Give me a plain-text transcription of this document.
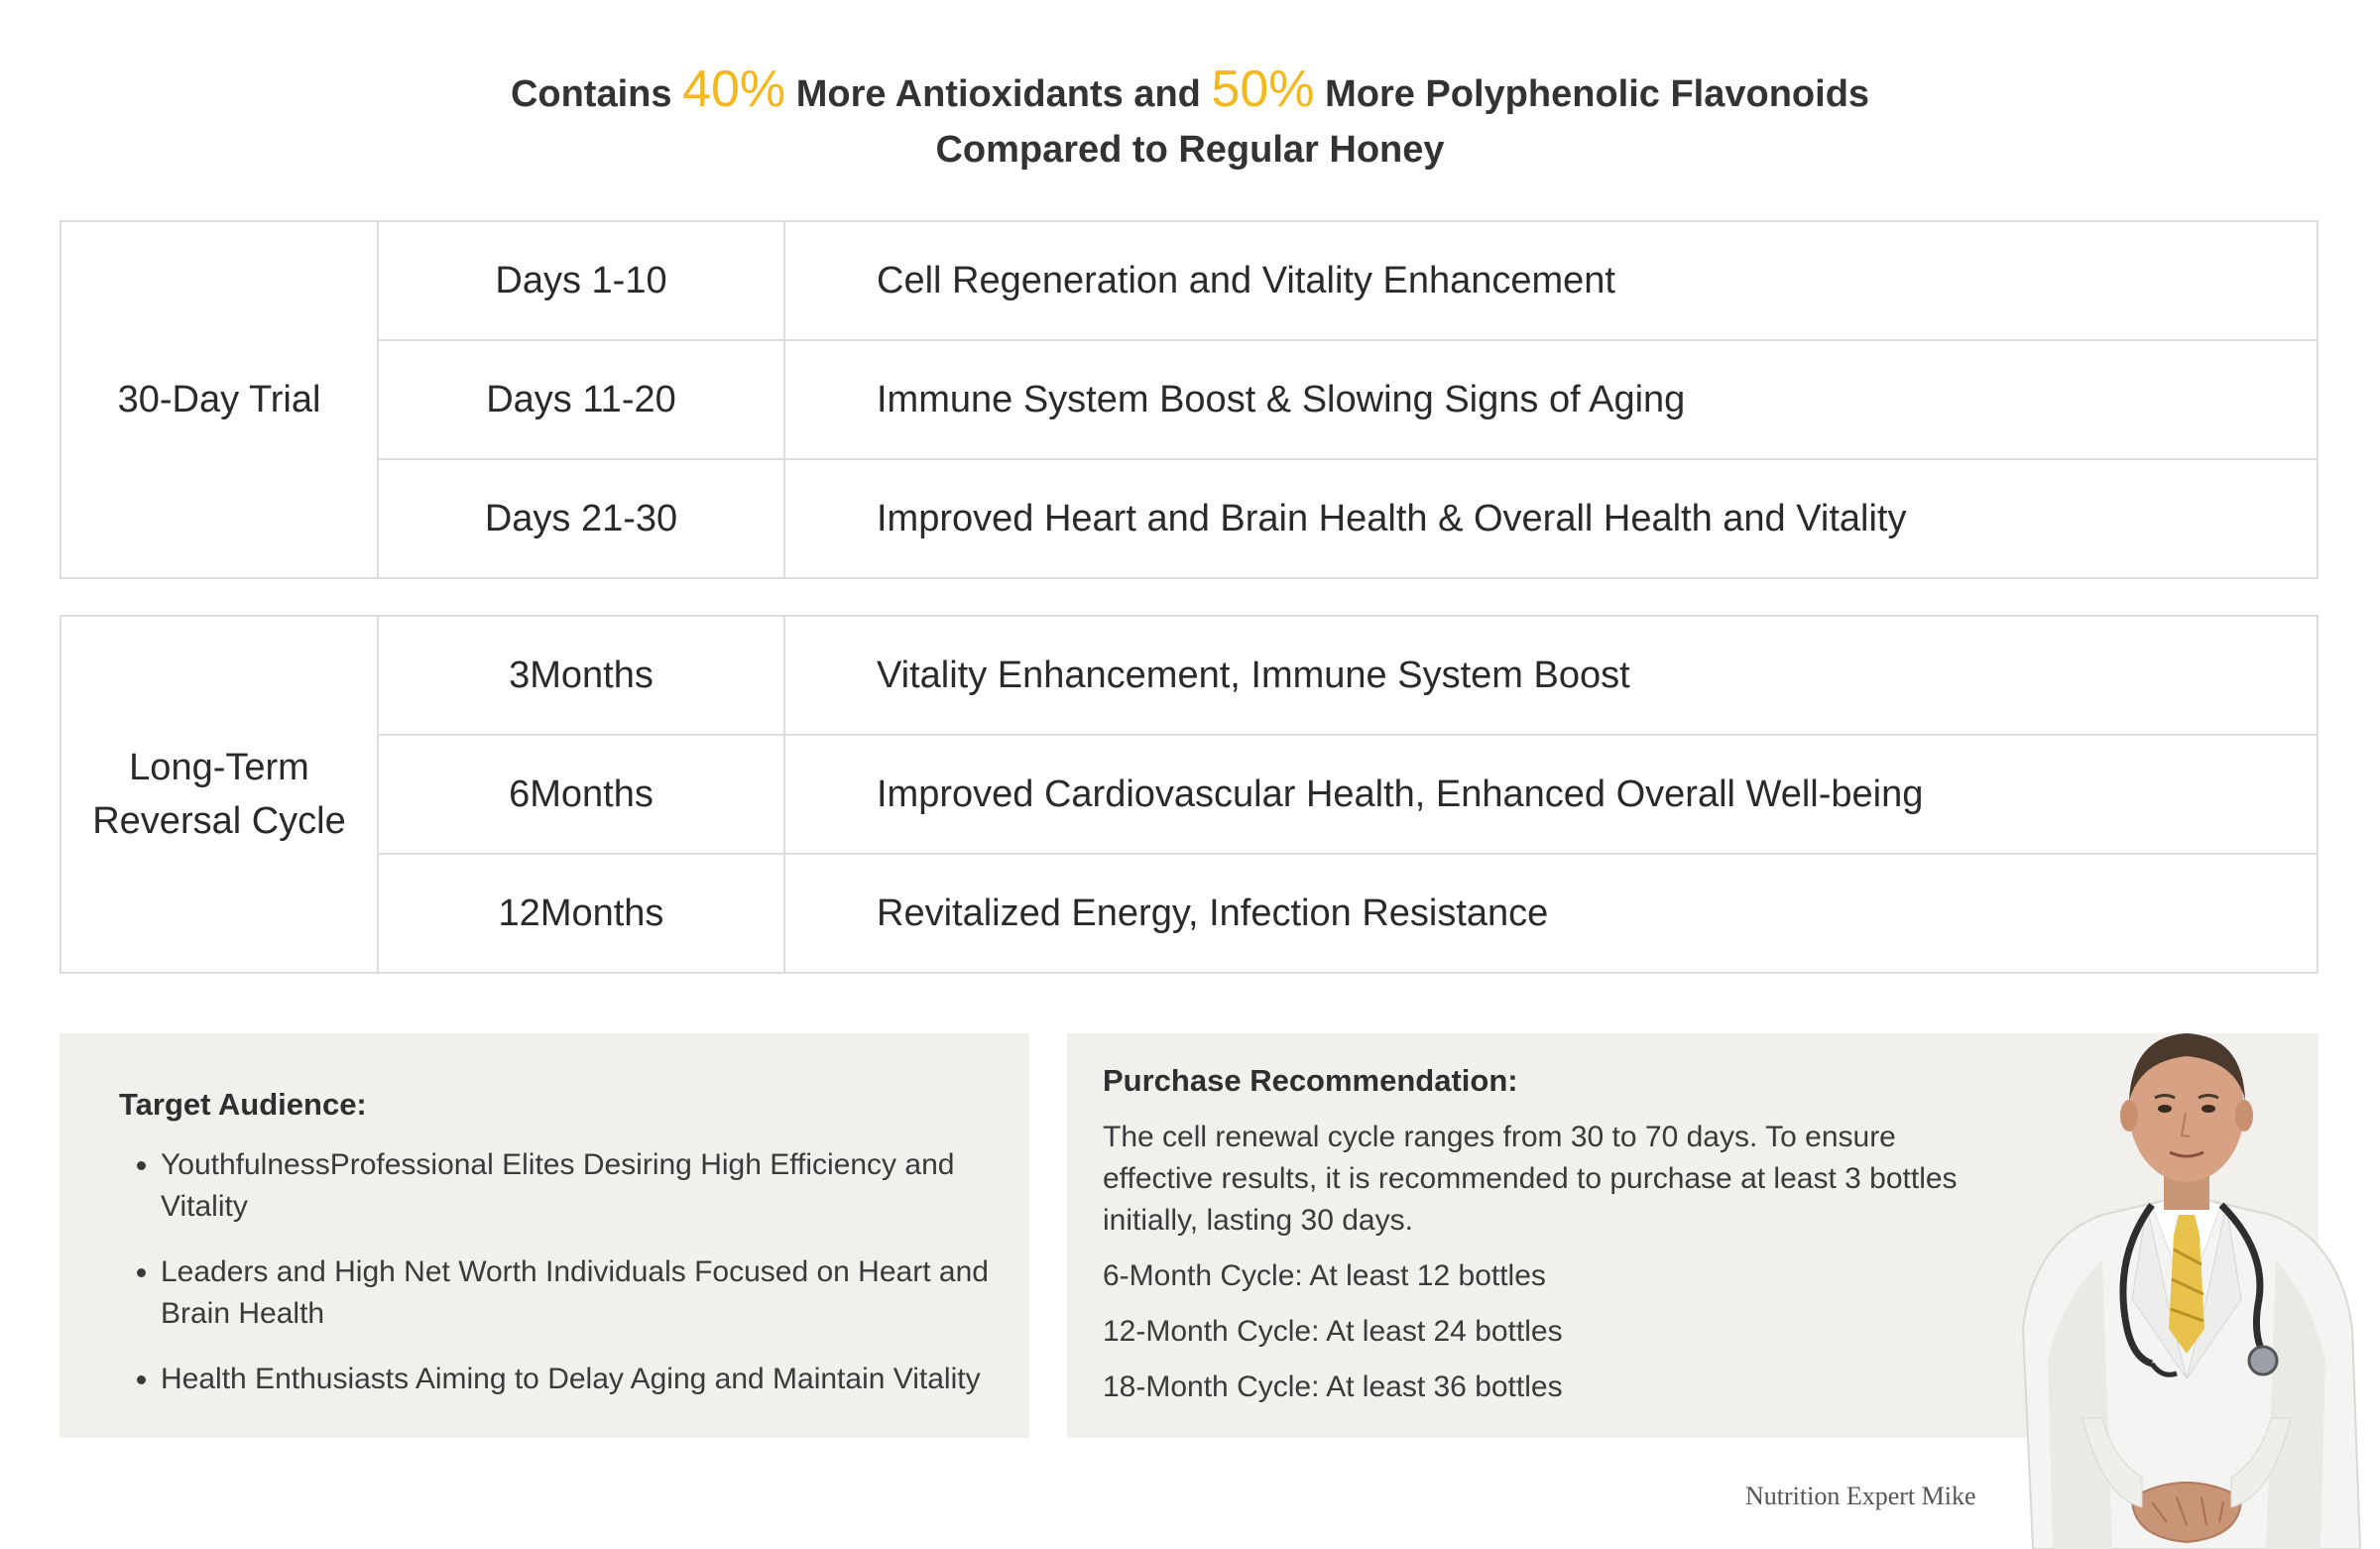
Contains 40% More Antioxidants and 50% More Polyphenolic Flavonoids
Compared to Regular Honey
30-Day Trial	Days 1-10	Cell Regeneration and Vitality Enhancement
	Days 11-20	Immune System Boost & Slowing Signs of Aging
	Days 21-30	Improved Heart and Brain Health & Overall Health and Vitality
Long-Term
Reversal Cycle	3Months	Vitality Enhancement, Immune System Boost
	6Months	Improved Cardiovascular Health, Enhanced Overall Well-being
	12Months	Revitalized Energy, Infection Resistance
Target Audience:
• YouthfulnessProfessional Elites Desiring High Efficiency and Vitality
• Leaders and High Net Worth Individuals Focused on Heart and Brain Health
• Health Enthusiasts Aiming to Delay Aging and Maintain Vitality
Purchase Recommendation:

The cell renewal cycle ranges from 30 to 70 days. To ensure effective results, it is recommended to purchase at least 3 bottles initially, lasting 30 days.

6-Month Cycle: At least 12 bottles

12-Month Cycle: At least 24 bottles

18-Month Cycle: At least 36 bottles

Nutrition Expert Mike
